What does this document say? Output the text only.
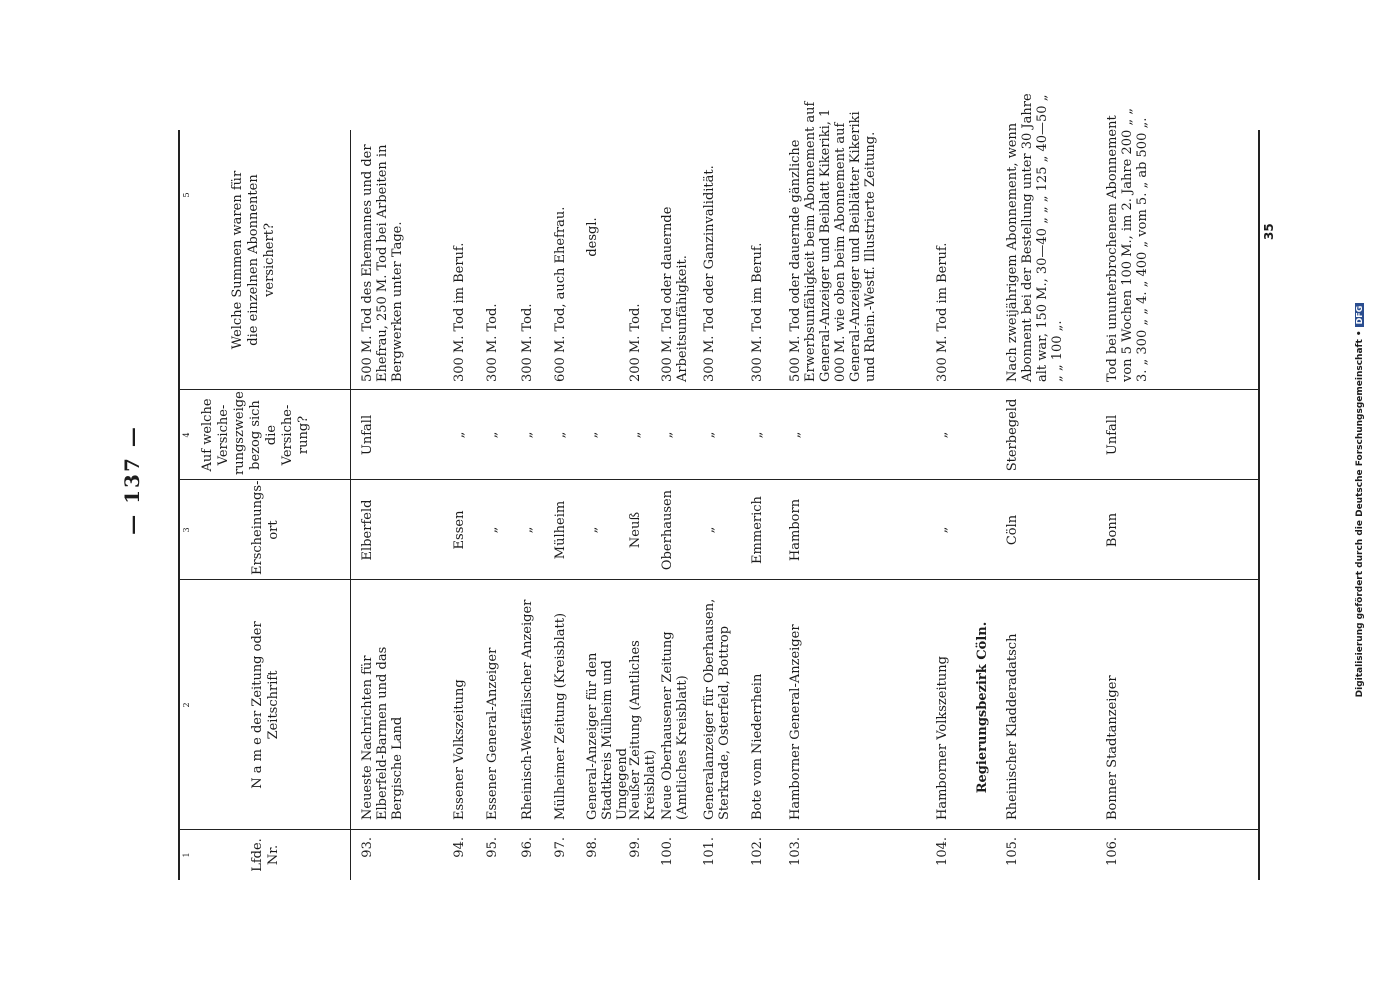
— 137 —
1
2
3
4
5
Lfde. Nr.
N a m e der Zeitung oder Zeitschrift
Erscheinungs- ort
Auf welche Versiche- rungszweige bezog sich die Versiche- rung?
Welche Summen waren für die einzelnen Abonnenten versichert?
93.
Neueste Nachrichten für Elberfeld-Barmen und das Bergische Land
Elberfeld
Unfall
500 M. Tod des Ehemannes und der Ehefrau, 250 M. Tod bei Arbeiten in Bergwerken unter Tage.
94.
Essener Volkszeitung
Essen
„
300 M. Tod im Beruf.
95.
Essener General-Anzeiger
„
„
300 M. Tod.
96.
Rheinisch-Westfälischer Anzeiger
„
„
300 M. Tod.
97.
Mülheimer Zeitung (Kreisblatt)
Mülheim
„
600 M. Tod, auch Ehefrau.
98.
General-Anzeiger für den Stadtkreis Mülheim und Umgegend
„
„
desgl.
99.
Neußer Zeitung (Amtliches Kreisblatt)
Neuß
„
200 M. Tod.
100.
Neue Oberhausener Zeitung (Amtliches Kreisblatt)
Oberhausen
„
300 M. Tod oder dauernde Arbeitsunfähigkeit.
101.
Generalanzeiger für Oberhausen, Sterkrade, Osterfeld, Bottrop
„
„
300 M. Tod oder Ganzinvalidität.
102.
Bote vom Niederrhein
Emmerich
„
300 M. Tod im Beruf.
103.
Hamborner General-Anzeiger
Hamborn
„
500 M. Tod oder dauernde gänzliche Erwerbsunfähigkeit beim Abonnement auf General-Anzeiger und Beiblatt Kikeriki, 1 000 M. wie oben beim Abonnement auf General-Anzeiger und Beiblätter Kikeriki und Rhein.-Westf. Illustrierte Zeitung.
104.
Hamborner Volkszeitung
„
„
300 M. Tod im Beruf.
Regierungsbezirk Cöln.
105.
Rheinischer Kladderadatsch
Cöln
Sterbegeld
Nach zweijährigem Abonnement, wenn Abonnent bei der Bestellung unter 30 Jahre alt war, 150 M., 30—40 „ „ „ 125 „ 40—50 „ „ „ 100 „.
106.
Bonner Stadtanzeiger
Bonn
Unfall
Tod bei ununterbrochenem Abonnement von 5 Wochen 100 M., im 2. Jahre 200 „ „ 3. „ 300 „ „ 4. „ 400 „ vom 5. „ ab 500 „.	35
Digitalisierung gefördert durch die Deutsche Forschungsgemeinschaft •DFG
